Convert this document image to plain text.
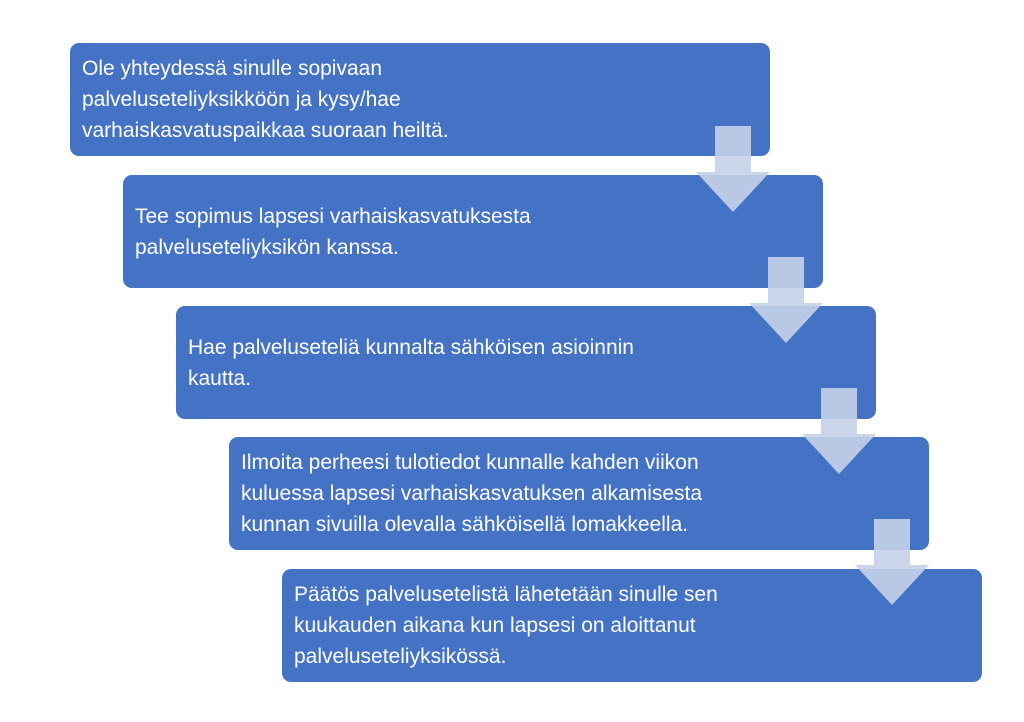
Ole yhteydessä sinulle sopivaan palveluseteliyksikköön ja kysy/hae varhaiskasvatuspaikkaa suoraan heiltä.
Tee sopimus lapsesi varhaiskasvatuksesta palveluseteliyksikön kanssa.
Hae palveluseteliä kunnalta sähköisen asioinnin kautta.
Ilmoita perheesi tulotiedot kunnalle kahden viikon kuluessa lapsesi varhaiskasvatuksen alkamisesta kunnan sivuilla olevalla sähköisellä lomakkeella.
Päätös palvelusetelistä lähetetään sinulle sen kuukauden aikana kun lapsesi on aloittanut palveluseteliyksikössä.
